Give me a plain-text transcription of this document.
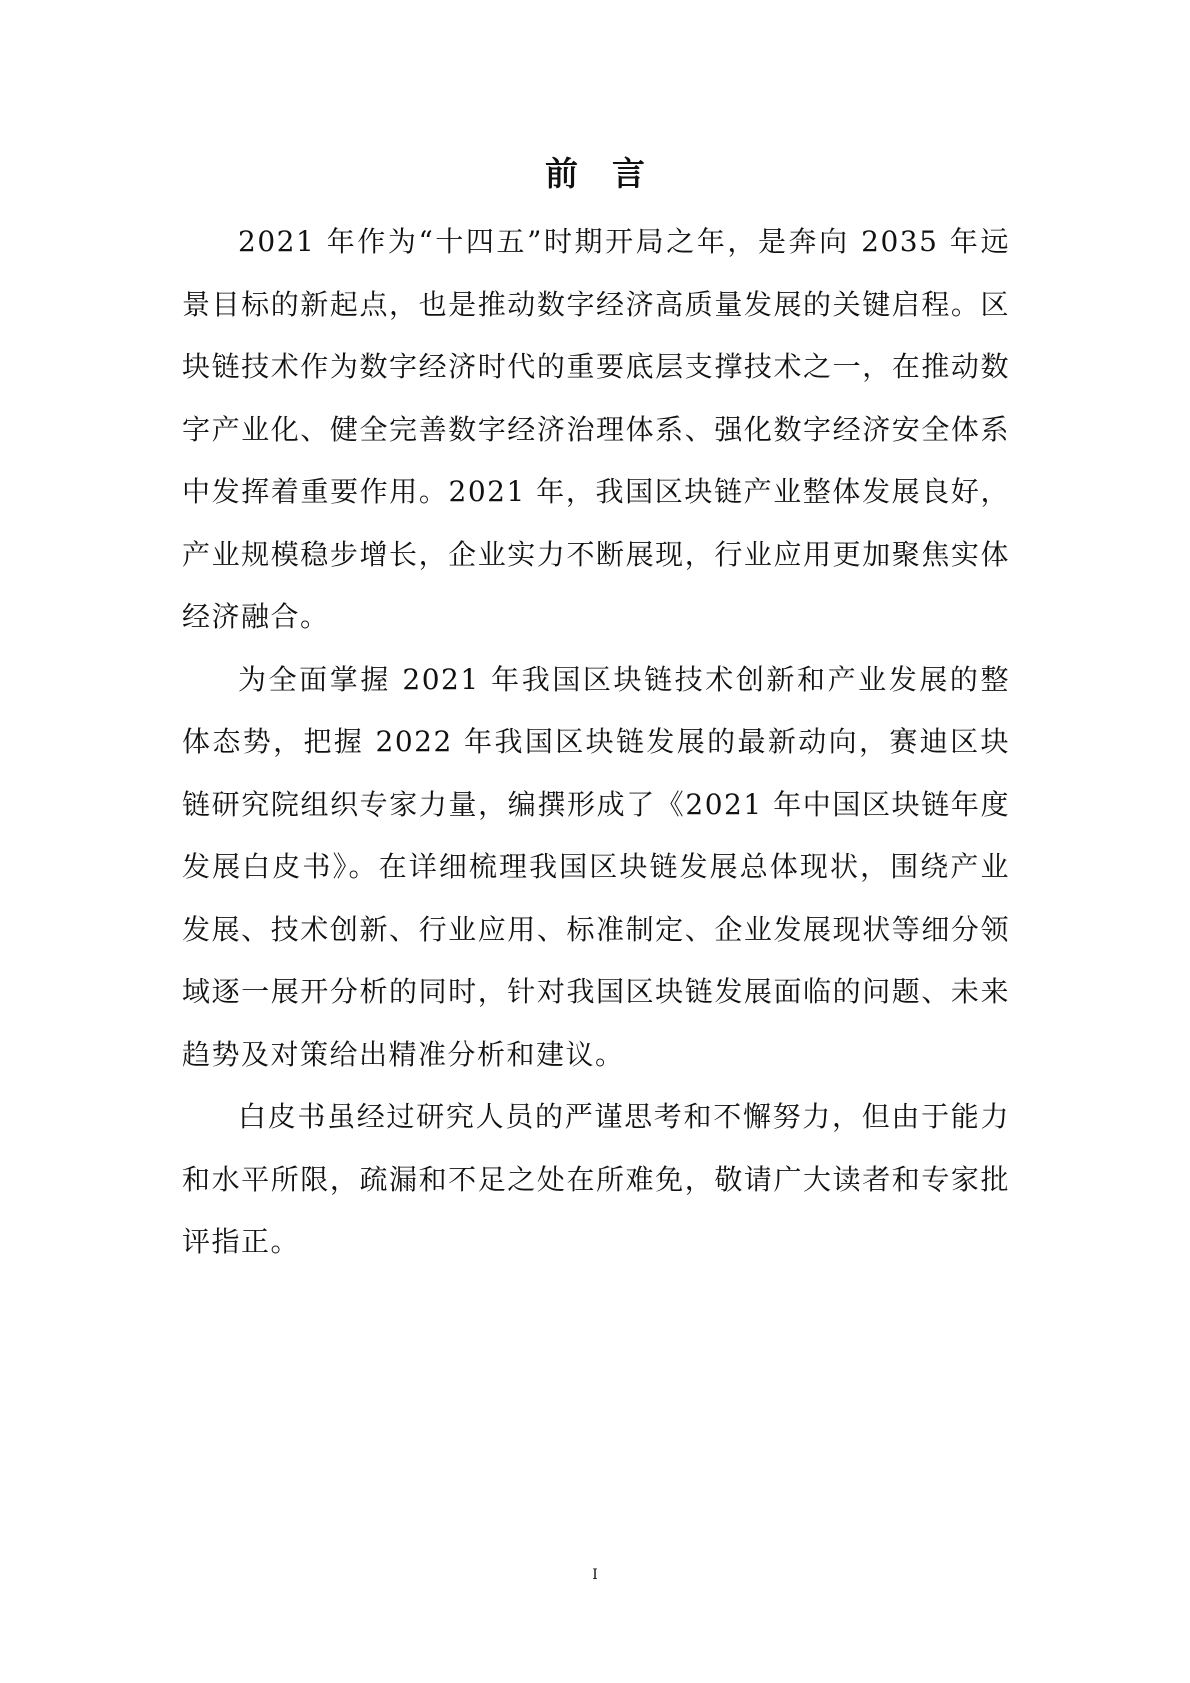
前 言

2021 年作为“十四五”时期开局之年，是奔向 2035 年远景目标的新起点，也是推动数字经济高质量发展的关键启程。区块链技术作为数字经济时代的重要底层支撑技术之一，在推动数字产业化、健全完善数字经济治理体系、强化数字经济安全体系中发挥着重要作用。2021 年，我国区块链产业整体发展良好，产业规模稳步增长，企业实力不断展现，行业应用更加聚焦实体经济融合。

为全面掌握 2021 年我国区块链技术创新和产业发展的整体态势，把握 2022 年我国区块链发展的最新动向，赛迪区块链研究院组织专家力量，编撰形成了《2021 年中国区块链年度发展白皮书》。在详细梳理我国区块链发展总体现状，围绕产业发展、技术创新、行业应用、标准制定、企业发展现状等细分领域逐一展开分析的同时，针对我国区块链发展面临的问题、未来趋势及对策给出精准分析和建议。

白皮书虽经过研究人员的严谨思考和不懈努力，但由于能力和水平所限，疏漏和不足之处在所难免，敬请广大读者和专家批评指正。

I
